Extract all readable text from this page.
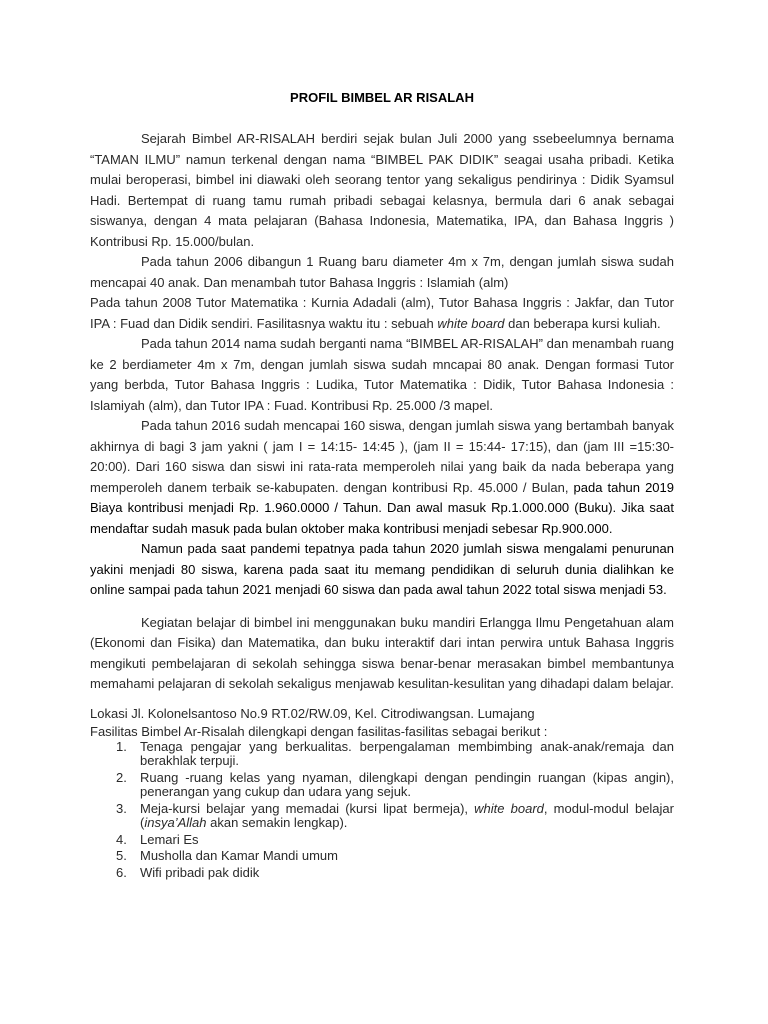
PROFIL BIMBEL AR RISALAH

Sejarah Bimbel AR-RISALAH berdiri sejak bulan Juli 2000 yang ssebeelumnya bernama “TAMAN ILMU” namun terkenal dengan nama “BIMBEL PAK DIDIK” seagai usaha pribadi. Ketika mulai beroperasi, bimbel ini diawaki oleh seorang tentor yang sekaligus pendirinya : Didik Syamsul Hadi. Bertempat di ruang tamu rumah pribadi sebagai kelasnya, bermula dari 6 anak sebagai siswanya, dengan 4 mata pelajaran (Bahasa Indonesia, Matematika, IPA, dan Bahasa Inggris ) Kontribusi Rp. 15.000/bulan.

Pada tahun 2006 dibangun 1 Ruang baru diameter 4m x 7m, dengan jumlah siswa sudah mencapai 40 anak. Dan menambah tutor Bahasa Inggris : Islamiah (alm)

Pada tahun 2008 Tutor Matematika : Kurnia Adadali (alm), Tutor Bahasa Inggris : Jakfar, dan Tutor IPA : Fuad dan Didik sendiri. Fasilitasnya waktu itu : sebuah white board dan beberapa kursi kuliah.

Pada tahun 2014 nama sudah berganti nama “BIMBEL AR-RISALAH” dan menambah ruang ke 2 berdiameter 4m x 7m, dengan jumlah siswa sudah mncapai 80 anak. Dengan formasi Tutor yang berbda, Tutor Bahasa Inggris : Ludika, Tutor Matematika : Didik, Tutor Bahasa Indonesia : Islamiyah (alm), dan Tutor IPA : Fuad. Kontribusi Rp. 25.000 /3 mapel.

Pada tahun 2016 sudah mencapai 160 siswa, dengan jumlah siswa yang bertambah banyak akhirnya di bagi 3 jam yakni ( jam I = 14:15- 14:45 ), (jam II = 15:44- 17:15), dan (jam III =15:30- 20:00). Dari 160 siswa dan siswi ini rata-rata memperoleh nilai yang baik da nada beberapa yang memperoleh danem terbaik se-kabupaten. dengan kontribusi Rp. 45.000 / Bulan, pada tahun 2019 Biaya kontribusi menjadi Rp. 1.960.0000 / Tahun. Dan awal masuk Rp.1.000.000 (Buku). Jika saat mendaftar sudah masuk pada bulan oktober maka kontribusi menjadi sebesar Rp.900.000.

Namun pada saat pandemi tepatnya pada tahun 2020 jumlah siswa mengalami penurunan yakini menjadi 80 siswa, karena pada saat itu memang pendidikan di seluruh dunia dialihkan ke online sampai pada tahun 2021 menjadi 60 siswa dan pada awal tahun 2022 total siswa menjadi 53.

Kegiatan belajar di bimbel ini menggunakan buku mandiri Erlangga Ilmu Pengetahuan alam (Ekonomi dan Fisika) dan Matematika, dan buku interaktif dari intan perwira untuk Bahasa Inggris mengikuti pembelajaran di sekolah sehingga siswa benar-benar merasakan bimbel membantunya memahami pelajaran di sekolah sekaligus menjawab kesulitan-kesulitan yang dihadapi dalam belajar.

Lokasi Jl. Kolonelsantoso No.9 RT.02/RW.09, Kel. Citrodiwangsan. Lumajang

Fasilitas Bimbel Ar-Risalah dilengkapi dengan fasilitas-fasilitas sebagai berikut :

1. Tenaga pengajar yang berkualitas. berpengalaman membimbing anak-anak/remaja dan berakhlak terpuji.
2. Ruang -ruang kelas yang nyaman, dilengkapi dengan pendingin ruangan (kipas angin), penerangan yang cukup dan udara yang sejuk.
3. Meja-kursi belajar yang memadai (kursi lipat bermeja), white board, modul-modul belajar (insya’Allah akan semakin lengkap).
4. Lemari Es
5. Musholla dan Kamar Mandi umum
6. Wifi pribadi pak didik
